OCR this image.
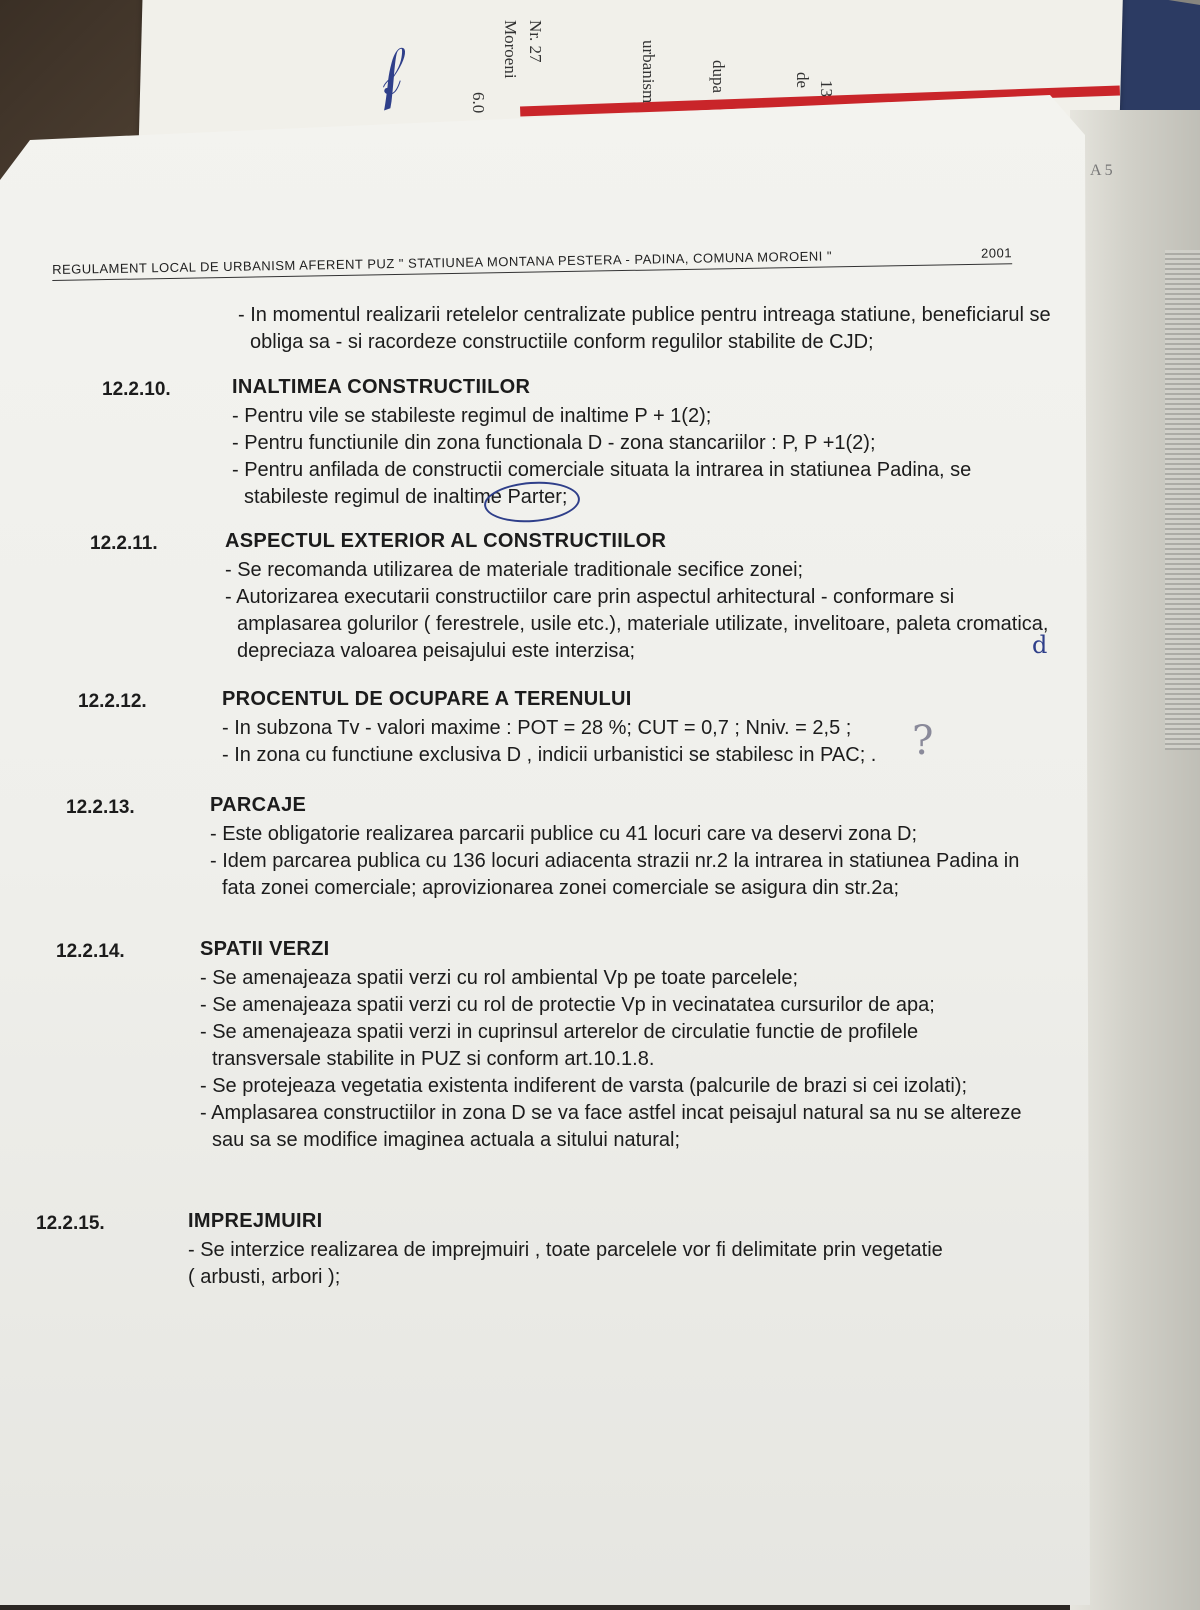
Nr. 27
Moroeni
6.0	urbanism	dupa	13
de
𝒻
A 5
REGULAMENT LOCAL DE URBANISM AFERENT PUZ " STATIUNEA MONTANA PESTERA - PADINA, COMUNA MOROENI "	2001
- In momentul realizarii retelelor centralizate publice pentru intreaga statiune, beneficiarul se
obliga sa - si racordeze constructiile conform regulilor stabilite de CJD;
12.2.10.	INALTIMEA CONSTRUCTIILOR
- Pentru vile se stabileste regimul de inaltime P + 1(2);
- Pentru functiunile din zona functionala D - zona stancariilor : P, P +1(2);
- Pentru anfilada de constructii comerciale situata la intrarea in statiunea Padina, se
stabileste regimul de inaltime Parter;
12.2.11.	ASPECTUL EXTERIOR AL CONSTRUCTIILOR
- Se recomanda utilizarea de materiale traditionale secifice zonei;
- Autorizarea executarii constructiilor care prin aspectul arhitectural - conformare si
amplasarea golurilor ( ferestrele, usile etc.), materiale utilizate, invelitoare, paleta cromatica,
depreciaza valoarea peisajului este interzisa;	d
12.2.12.	PROCENTUL DE OCUPARE A TERENULUI
- In subzona Tv - valori maxime : POT = 28 %; CUT = 0,7 ; Nniv. = 2,5 ;
- In zona cu functiune exclusiva D , indicii urbanistici se stabilesc in PAC; . ?
12.2.13.	PARCAJE
- Este obligatorie realizarea parcarii publice cu 41 locuri care va deservi zona D;
- Idem parcarea publica cu 136 locuri adiacenta strazii nr.2 la intrarea in statiunea Padina in
fata zonei comerciale; aprovizionarea zonei comerciale se asigura din str.2a;
12.2.14.	SPATII VERZI
- Se amenajeaza spatii verzi cu rol ambiental Vp pe toate parcelele;
- Se amenajeaza spatii verzi cu rol de protectie Vp in vecinatatea cursurilor de apa;
- Se amenajeaza spatii verzi in cuprinsul arterelor de circulatie functie de profilele
transversale stabilite in PUZ si conform art.10.1.8.
- Se protejeaza vegetatia existenta indiferent de varsta (palcurile de brazi si cei izolati);
- Amplasarea constructiilor in zona D se va face astfel incat peisajul natural sa nu se altereze
sau sa se modifice imaginea actuala a sitului natural;
12.2.15.	IMPREJMUIRI
- Se interzice realizarea de imprejmuiri , toate parcelele vor fi delimitate prin vegetatie
( arbusti, arbori );
